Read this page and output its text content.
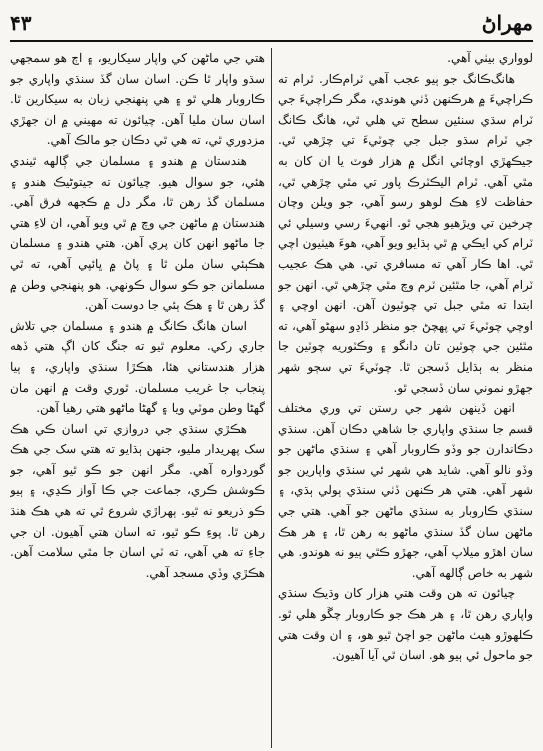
۴٣	مهراڻ

لوواري بيٺي آهي.

هانگ‌ڪانگ جو ٻيو عجب آهي ٽرام‌ڪار. ٽرام ته ڪراچيءَ ۾ هرڪنهن ڏٺي هوندي، مگر ڪراچيءَ جي ٽرام سڌي سنئين سطح تي هلي ٿي، هانگ ڪانگ جي ٽرام سڌو جبل جي چوٽيءَ تي چڙهي ٿي. جيڪهڙي اوچائي انگل ۾ هزار فوٽ يا ان کان به مٿي آهي. ٽرام اليڪٽرڪ پاور تي مٿي چڙهي ٿي، حفاظت لاءِ هڪ لوهو رسو آهي، جو ويلن وچان چرخين تي ويڙهيو هجي ٿو. انهيءَ رسي وسيلي ئي ٽرام کي ايڪي ۾ ٿي ٻڌايو ويو آهي، هوءَ هيٺيون اچي ٿي. اها ڪار آهي ته مسافري تي. هي هڪ عجيب ٽرام آهي، جا مٿئين ٽرم وچ مٿي چڙهي ٿي. انهن جو ابتدا ته مٿي جبل تي چوٽيون آهن. انهن اوچي ۽ اوچي چوٽيءَ تي پهچڻ جو منظر ڏاڍو سهڻو آهي، ته مٿئين جي چوٽين تان دانگو ۽ وڪٽوريه چوٽين جا منظر به ٻڌايل ڏسجن ٿا. چوٽيءَ تي سڄو شهر جهڙو نموني سان ڏسجي ٿو.

انهن ڏينهن شهر جي رستن تي وري مختلف قسم جا سنڌي واپاري جا شاهي دڪان آهن. سنڌي دڪاندارن جو وڏو ڪاروبار آهي ۽ سنڌي ماڻهن جو وڏو نالو آهي. شايد هي شهر ئي سنڌي واپارين جو شهر آهي. هتي هر ڪنهن ڏٺي سنڌي ٻولي ٻڌي، ۽ سنڌي ڪاروبار به سنڌي ماڻهن جو آهي. هتي جي ماڻهن سان گڏ سنڌي ماڻهو به رهن ٿا، ۽ هر هڪ سان اهڙو ميلاپ آهي، جهڙو ڪٿي ٻيو نه هوندو. هي شهر به خاص ڳالهه آهي.

چيائون ته هن وقت هتي هزار کان وڌيڪ سنڌي واپاري رهن ٿا، ۽ هر هڪ جو ڪاروبار چڱو هلي ٿو. ڪلهوڙو هيٺ ماڻهن جو اچڻ ٿيو هو، ۽ ان وقت هتي جو ماحول ئي ٻيو هو. اسان ٿي آيا آهيون.

هتي جي ماڻهن کي واپار سيکاريو، ۽ اڄ هو سمجهي سڌو واپار ٿا ڪن. اسان سان گڏ سنڌي واپاري جو ڪاروبار هلي ٿو ۽ هي پنهنجي زبان به سيکارين ٿا. اسان سان مليا آهن. چيائون ته مهيني ۾ ان جهڙي مزدوري ٿي، ته هي ٿي دڪان جو مالڪ آهي.

هندستان ۾ هندو ۽ مسلمان جي ڳالهه ٿيندي هئي، جو سوال هيو. چيائون ته جيتوڻيڪ هندو ۽ مسلمان گڏ رهن ٿا، مگر دل ۾ ڪجهه فرق آهي. هندستان ۾ ماڻهن جي وچ ۾ ٿي ويو آهي، ان لاءِ هتي جا ماڻهو انهن کان پري آهن. هتي هندو ۽ مسلمان هڪٻئي سان ملن ٿا ۽ پاڻ ۾ ڀائپي آهي، ته ٿي مسلمانن جو ڪو سوال ڪونهي. هو پنهنجي وطن ۾ گڏ رهن ٿا ۽ هڪ ٻئي جا دوست آهن.

اسان هانگ ڪانگ ۾ هندو ۽ مسلمان جي تلاش جاري رکي. معلوم ٿيو ته جنگ کان اڳ هتي ڏهه هزار هندستاني هئا، هڪڙا سنڌي واپاري، ۽ ٻيا پنجاب جا غريب مسلمان. ٿوري وقت ۾ انهن مان گهڻا وطن موٽي ويا ۽ گهڻا ماڻهو هتي رهيا آهن.

هڪڙي سنڌي جي دروازي تي اسان ڪي هڪ سک پهريدار مليو، جنهن ٻڌايو ته هتي سک جي هڪ گوردواره آهي. مگر انهن جو ڪو ٿيو آهي، جو ڪوشش ڪري، جماعت جي ڪا آواز ڪڍي، ۽ ٻيو ڪو ذريعو نه ٿيو. ٻهراڙي شروع ٿي ته هي هڪ هنڌ رهن ٿا. پوءِ ڪو ٿيو، ته اسان هتي آهيون. ان جي جاءِ ته هي آهي، ته ٽي اسان جا مٿي سلامت آهن. هڪڙي وڏي مسجد آهي.
